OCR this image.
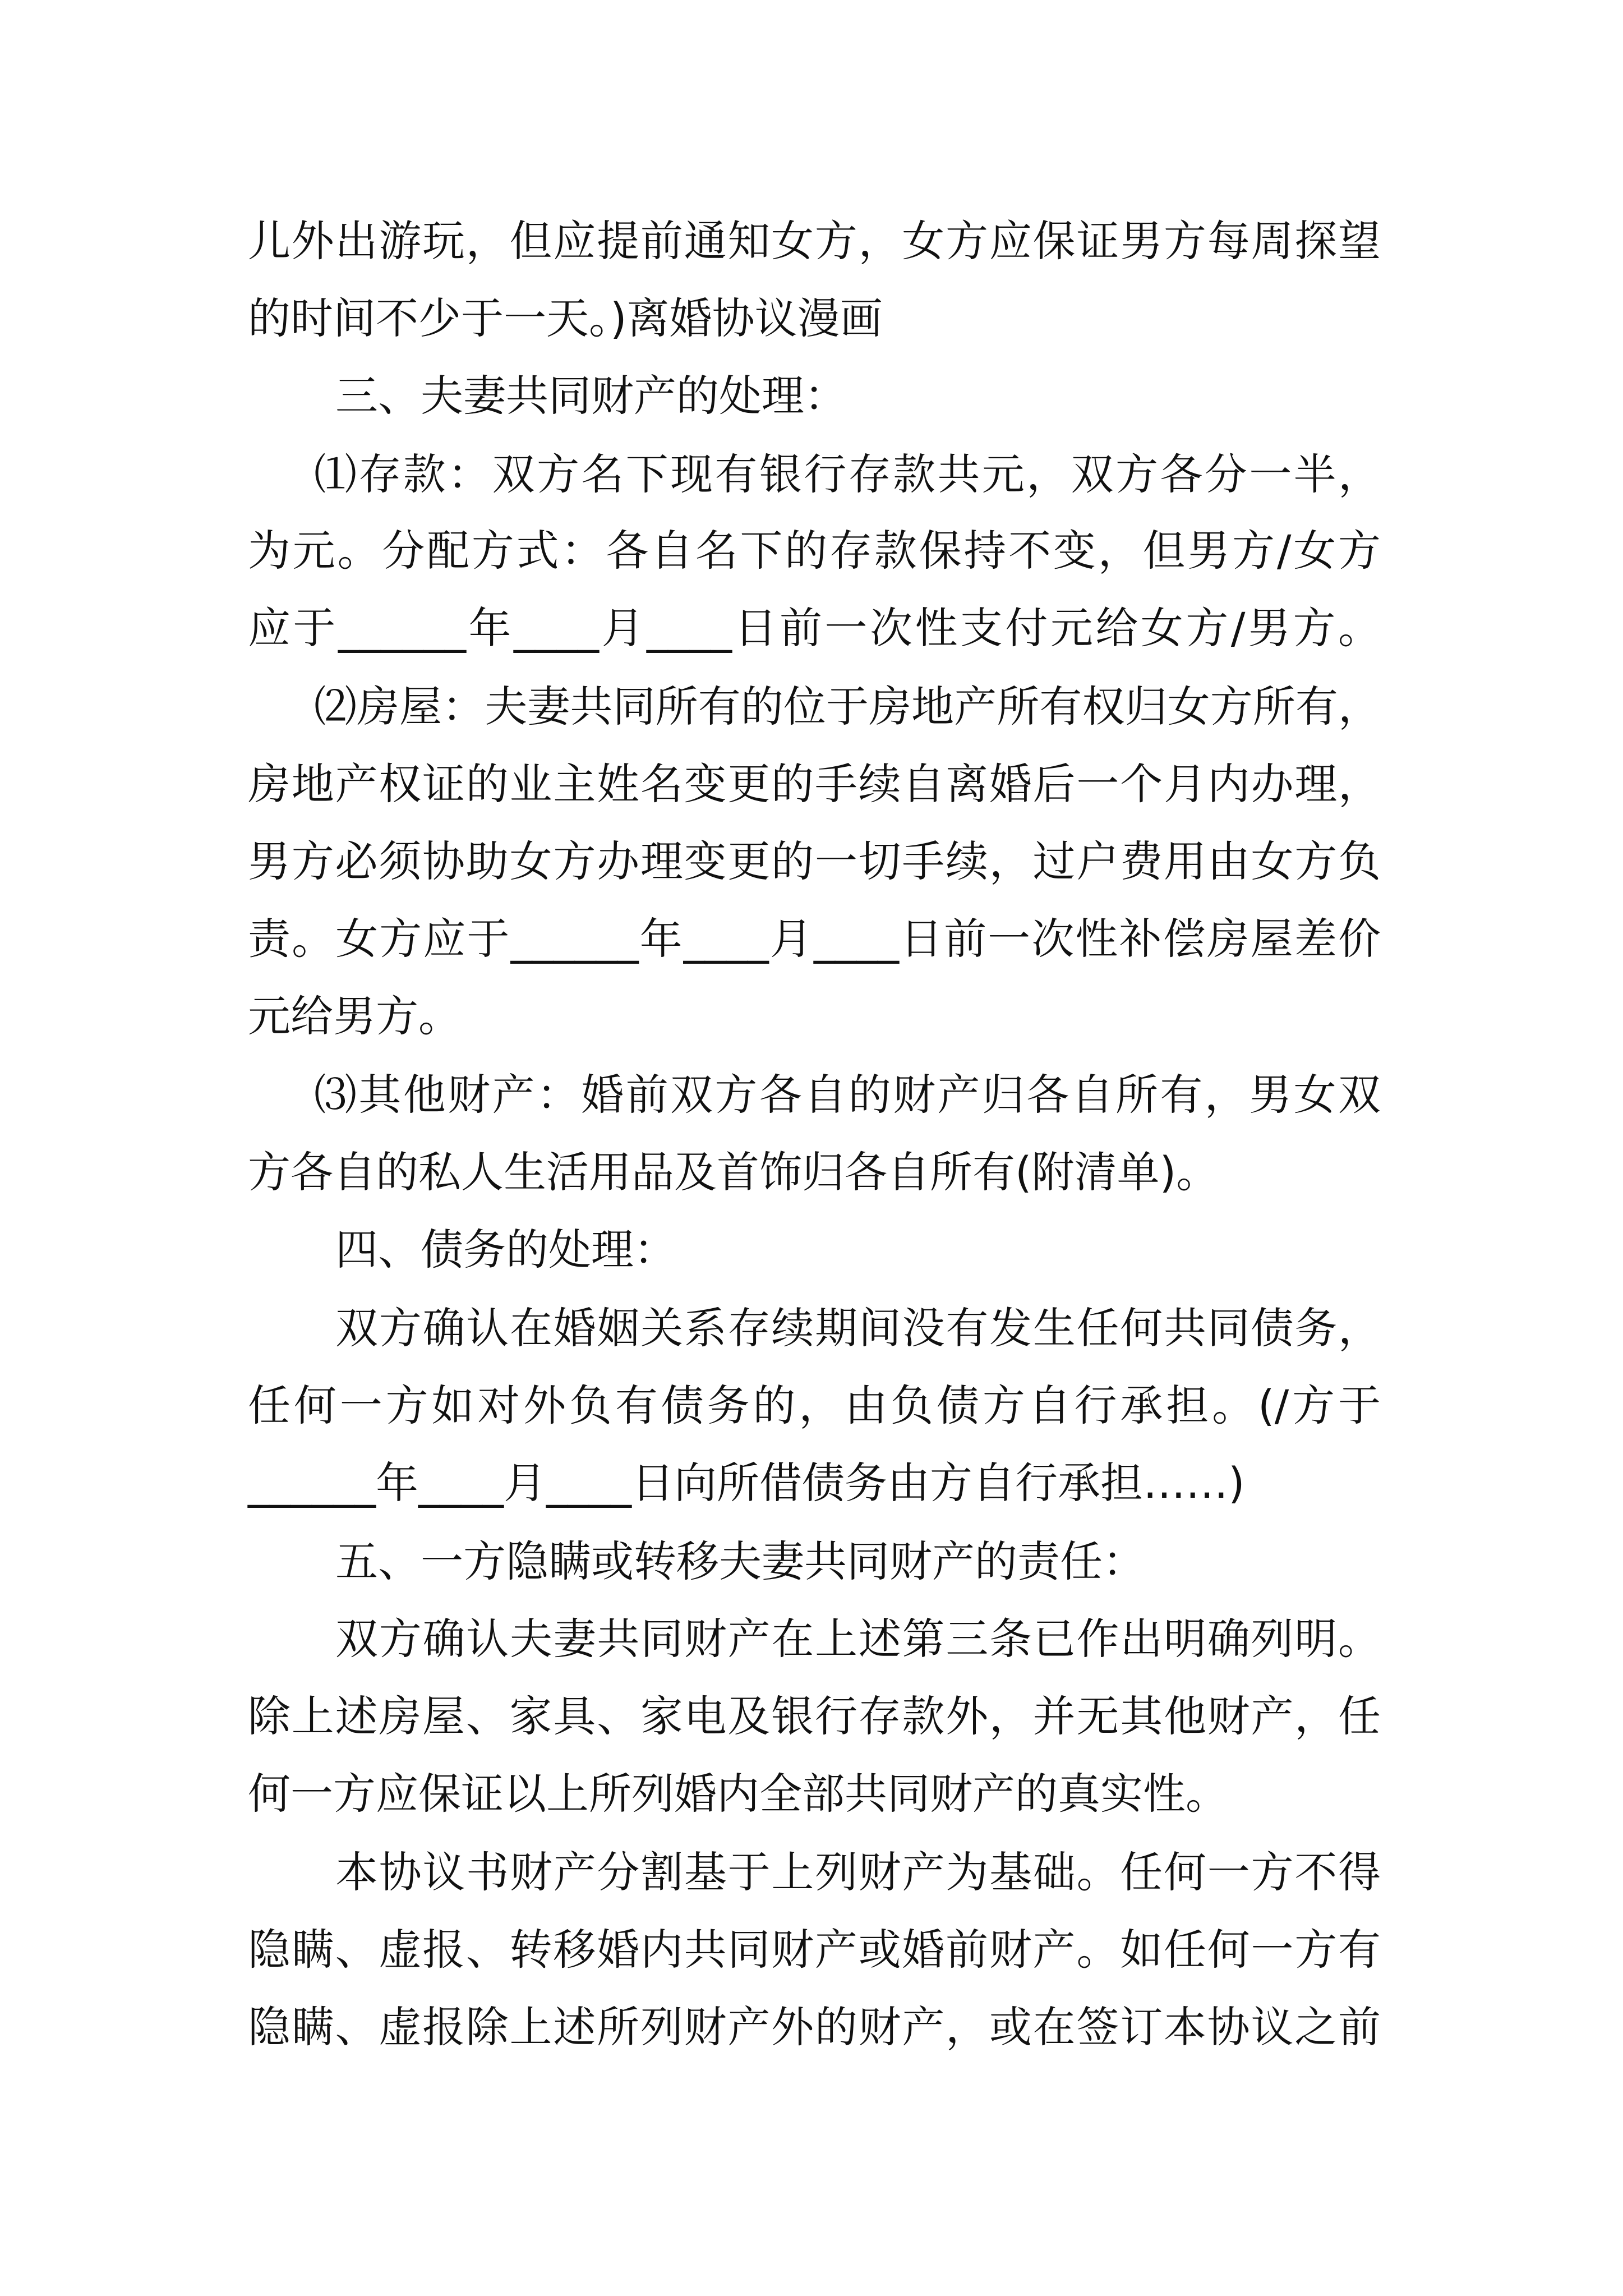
儿外出游玩，但应提前通知女方，女方应保证男方每周探望
的时间不少于一天。)离婚协议漫画
三、夫妻共同财产的处理：
⑴存款：双方名下现有银行存款共元，双方各分一半，
为元。分配方式：各自名下的存款保持不变，但男方/女方
应于______年____月____日前一次性支付元给女方/男方。
⑵房屋：夫妻共同所有的位于房地产所有权归女方所有，
房地产权证的业主姓名变更的手续自离婚后一个月内办理，
男方必须协助女方办理变更的一切手续，过户费用由女方负
责。女方应于______年____月____日前一次性补偿房屋差价
元给男方。
⑶其他财产：婚前双方各自的财产归各自所有，男女双
方各自的私人生活用品及首饰归各自所有(附清单)。
四、债务的处理：
双方确认在婚姻关系存续期间没有发生任何共同债务，
任何一方如对外负有债务的，由负债方自行承担。(/方于
______年____月____日向所借债务由方自行承担……)
五、一方隐瞒或转移夫妻共同财产的责任：
双方确认夫妻共同财产在上述第三条已作出明确列明。
除上述房屋、家具、家电及银行存款外，并无其他财产，任
何一方应保证以上所列婚内全部共同财产的真实性。
本协议书财产分割基于上列财产为基础。任何一方不得
隐瞒、虚报、转移婚内共同财产或婚前财产。如任何一方有
隐瞒、虚报除上述所列财产外的财产，或在签订本协议之前
